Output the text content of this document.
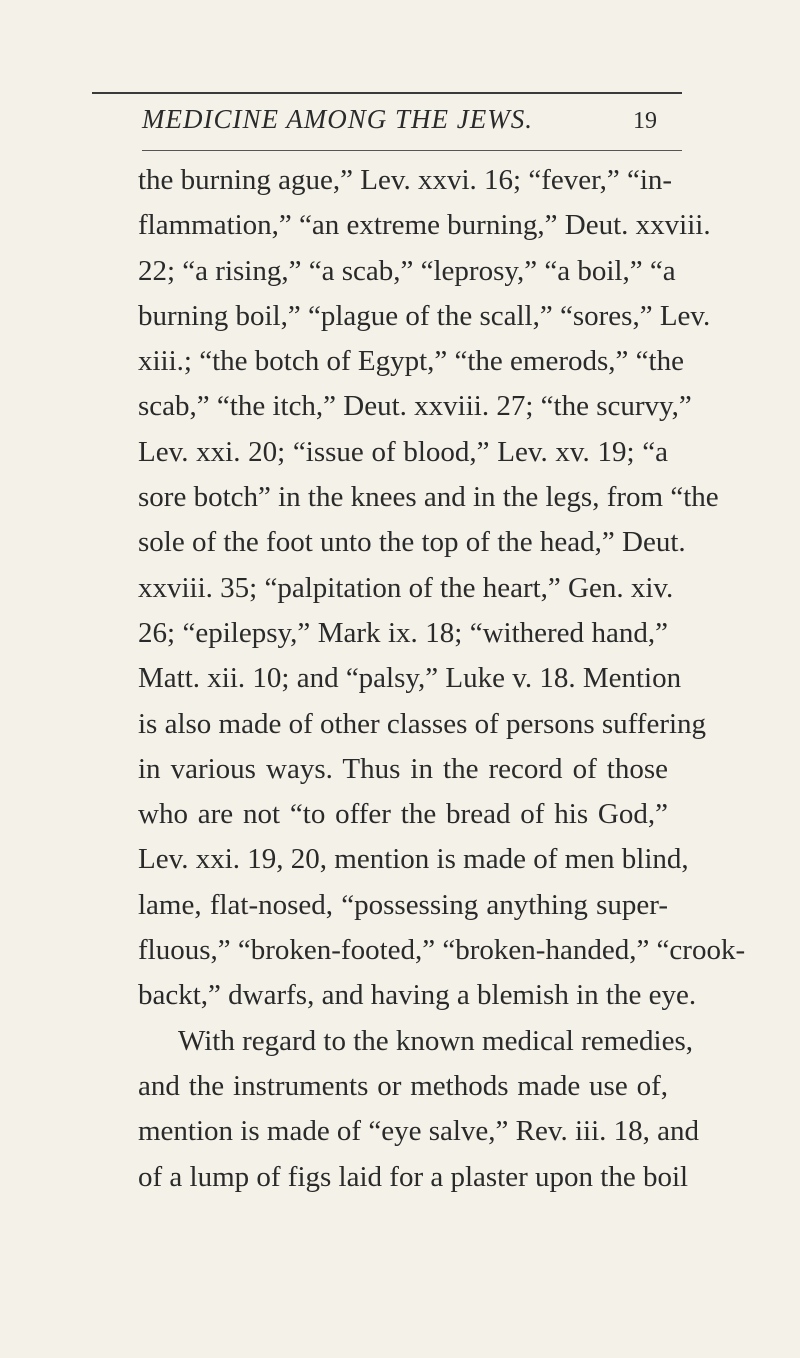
MEDICINE AMONG THE JEWS.	19
the burning ague,” Lev. xxvi. 16; “fever,” “in-
flammation,” “an extreme burning,” Deut. xxviii.
22; “a rising,” “a scab,” “leprosy,” “a boil,” “a
burning boil,” “plague of the scall,” “sores,” Lev.
xiii.; “the botch of Egypt,” “the emerods,” “the
scab,” “the itch,” Deut. xxviii. 27; “the scurvy,”
Lev. xxi. 20; “issue of blood,” Lev. xv. 19; “a
sore botch” in the knees and in the legs, from “the
sole of the foot unto the top of the head,” Deut.
xxviii. 35; “palpitation of the heart,” Gen. xiv.
26; “epilepsy,” Mark ix. 18; “withered hand,”
Matt. xii. 10; and “palsy,” Luke v. 18. Mention
is also made of other classes of persons suffering
in various ways. Thus in the record of those
who are not “to offer the bread of his God,”
Lev. xxi. 19, 20, mention is made of men blind,
lame, flat-nosed, “possessing anything super-
fluous,” “broken-footed,” “broken-handed,” “crook-
backt,” dwarfs, and having a blemish in the eye.
With regard to the known medical remedies,
and the instruments or methods made use of,
mention is made of “eye salve,” Rev. iii. 18, and
of a lump of figs laid for a plaster upon the boil
